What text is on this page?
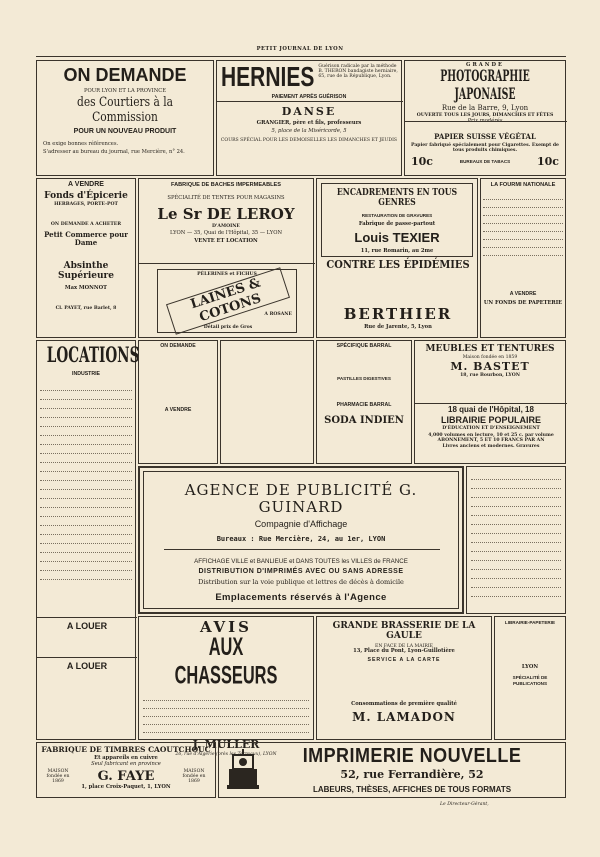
PETIT JOURNAL DE LYON
ON DEMANDE
POUR LYON ET LA PROVINCE
des Courtiers à la Commission
POUR UN NOUVEAU PRODUIT
On exige bonnes références.
S'adresser au bureau du journal, rue Mercière, n° 24.
HERNIES Guérison radicale par la méthode B. THERON bandagiste herniaire, 65, rue de la République, Lyon.
PAIEMENT APRÈS GUÉRISON
DANSE
GRANGIER, père et fils, professeurs
5, place de la Miséricorde, 5
COURS SPÉCIAL POUR LES DEMOISELLES LES DIMANCHES ET JEUDIS
GRANDE
PHOTOGRAPHIE JAPONAISE
Rue de la Barre, 9, Lyon
OUVERTE TOUS LES JOURS, DIMANCHES ET FÊTES
Prix modérés
PAPIER SUISSE VÉGÉTAL
Papier fabriqué spécialement pour Cigarettes. Exempt de tous produits chimiques.
10c	BUREAUX DE TABACS 10c
A VENDRE
Fonds d'Épicerie
HERBAGES, PORTE-POT
ON DEMANDE A ACHETER
Petit Commerce pour Dame
Absinthe Supérieure
Max MONNOT
Cl. PAYET, rue Barlet, 8
FABRIQUE DE BACHES IMPERMEABLES
SPÉCIALITÉ DE TENTES POUR MAGASINS
Le Sr DE LEROY
D'AMOINE
LYON — 35, Quai de l'Hôpital, 35 — LYON
VENTE ET LOCATION
PÈLERINES et FICHUS
LAINES & COTONS A ROSANE
Détail prix de Gros
ENCADREMENTS EN TOUS GENRES
RESTAURATION DE GRAVURES
Fabrique de passe-partout
Louis TEXIER
11, rue Romarin, au 2me
CONTRE LES ÉPIDÉMIES
BERTHIER
Rue de Jarente, 5, Lyon
LA FOURMI NATIONALE
A VENDRE
UN FONDS DE PAPETERIE
LOCATIONS
INDUSTRIE
A LOUER
A LOUER
ON DEMANDE
A VENDRE
SPÉCIFIQUE BARRAL
PASTILLES DIGESTIVES
PHARMACIE BARRAL
SODA INDIEN
MEUBLES ET TENTURES
Maison fondée en 1859
M. BASTET
18, rue Bourbon, LYON
18 quai de l'Hôpital, 18
LIBRAIRIE POPULAIRE
D'ÉDUCATION ET D'ENSEIGNEMENT
4,000 volumes en lecture, 10 et 25 c. par volume
ABONNEMENT, 5 ET 10 FRANCS PAR AN
Livres anciens et modernes. Gravures
AGENCE DE PUBLICITÉ G. GUINARD
Compagnie d'Affichage
Bureaux : Rue Mercière, 24, au 1er, LYON
AFFICHAGE VILLE et BANLIEUE et DANS TOUTES les VILLES de FRANCE
DISTRIBUTION D'IMPRIMÉS AVEC OU SANS ADRESSE
Distribution sur la voie publique et lettres de décès à domicile
Emplacements réservés à l'Agence
AVIS
AUX CHASSEURS
J. MULLER
26, rue d'Algérie (près les Terreaux), LYON
GRANDE BRASSERIE DE LA GAULE
EN FACE DE LA MAIRIE
13, Place du Pont, Lyon-Guillotière
SERVICE A LA CARTE
Consommations de première qualité
M. LAMADON
LIBRAIRIE-PAPETERIE
LYON
SPÉCIALITÉ DE PUBLICATIONS
FABRIQUE DE TIMBRES CAOUTCHOUC
Et appareils en cuivre
Seul fabricant en province
MAISON fondée en 1869	G. FAYE	MAISON fondée en 1869
1, place Croix-Paquet, 1, LYON
IMPRIMERIE NOUVELLE
52, rue Ferrandière, 52
LABEURS, THÈSES, AFFICHES DE TOUS FORMATS
Le Directeur-Gérant,
